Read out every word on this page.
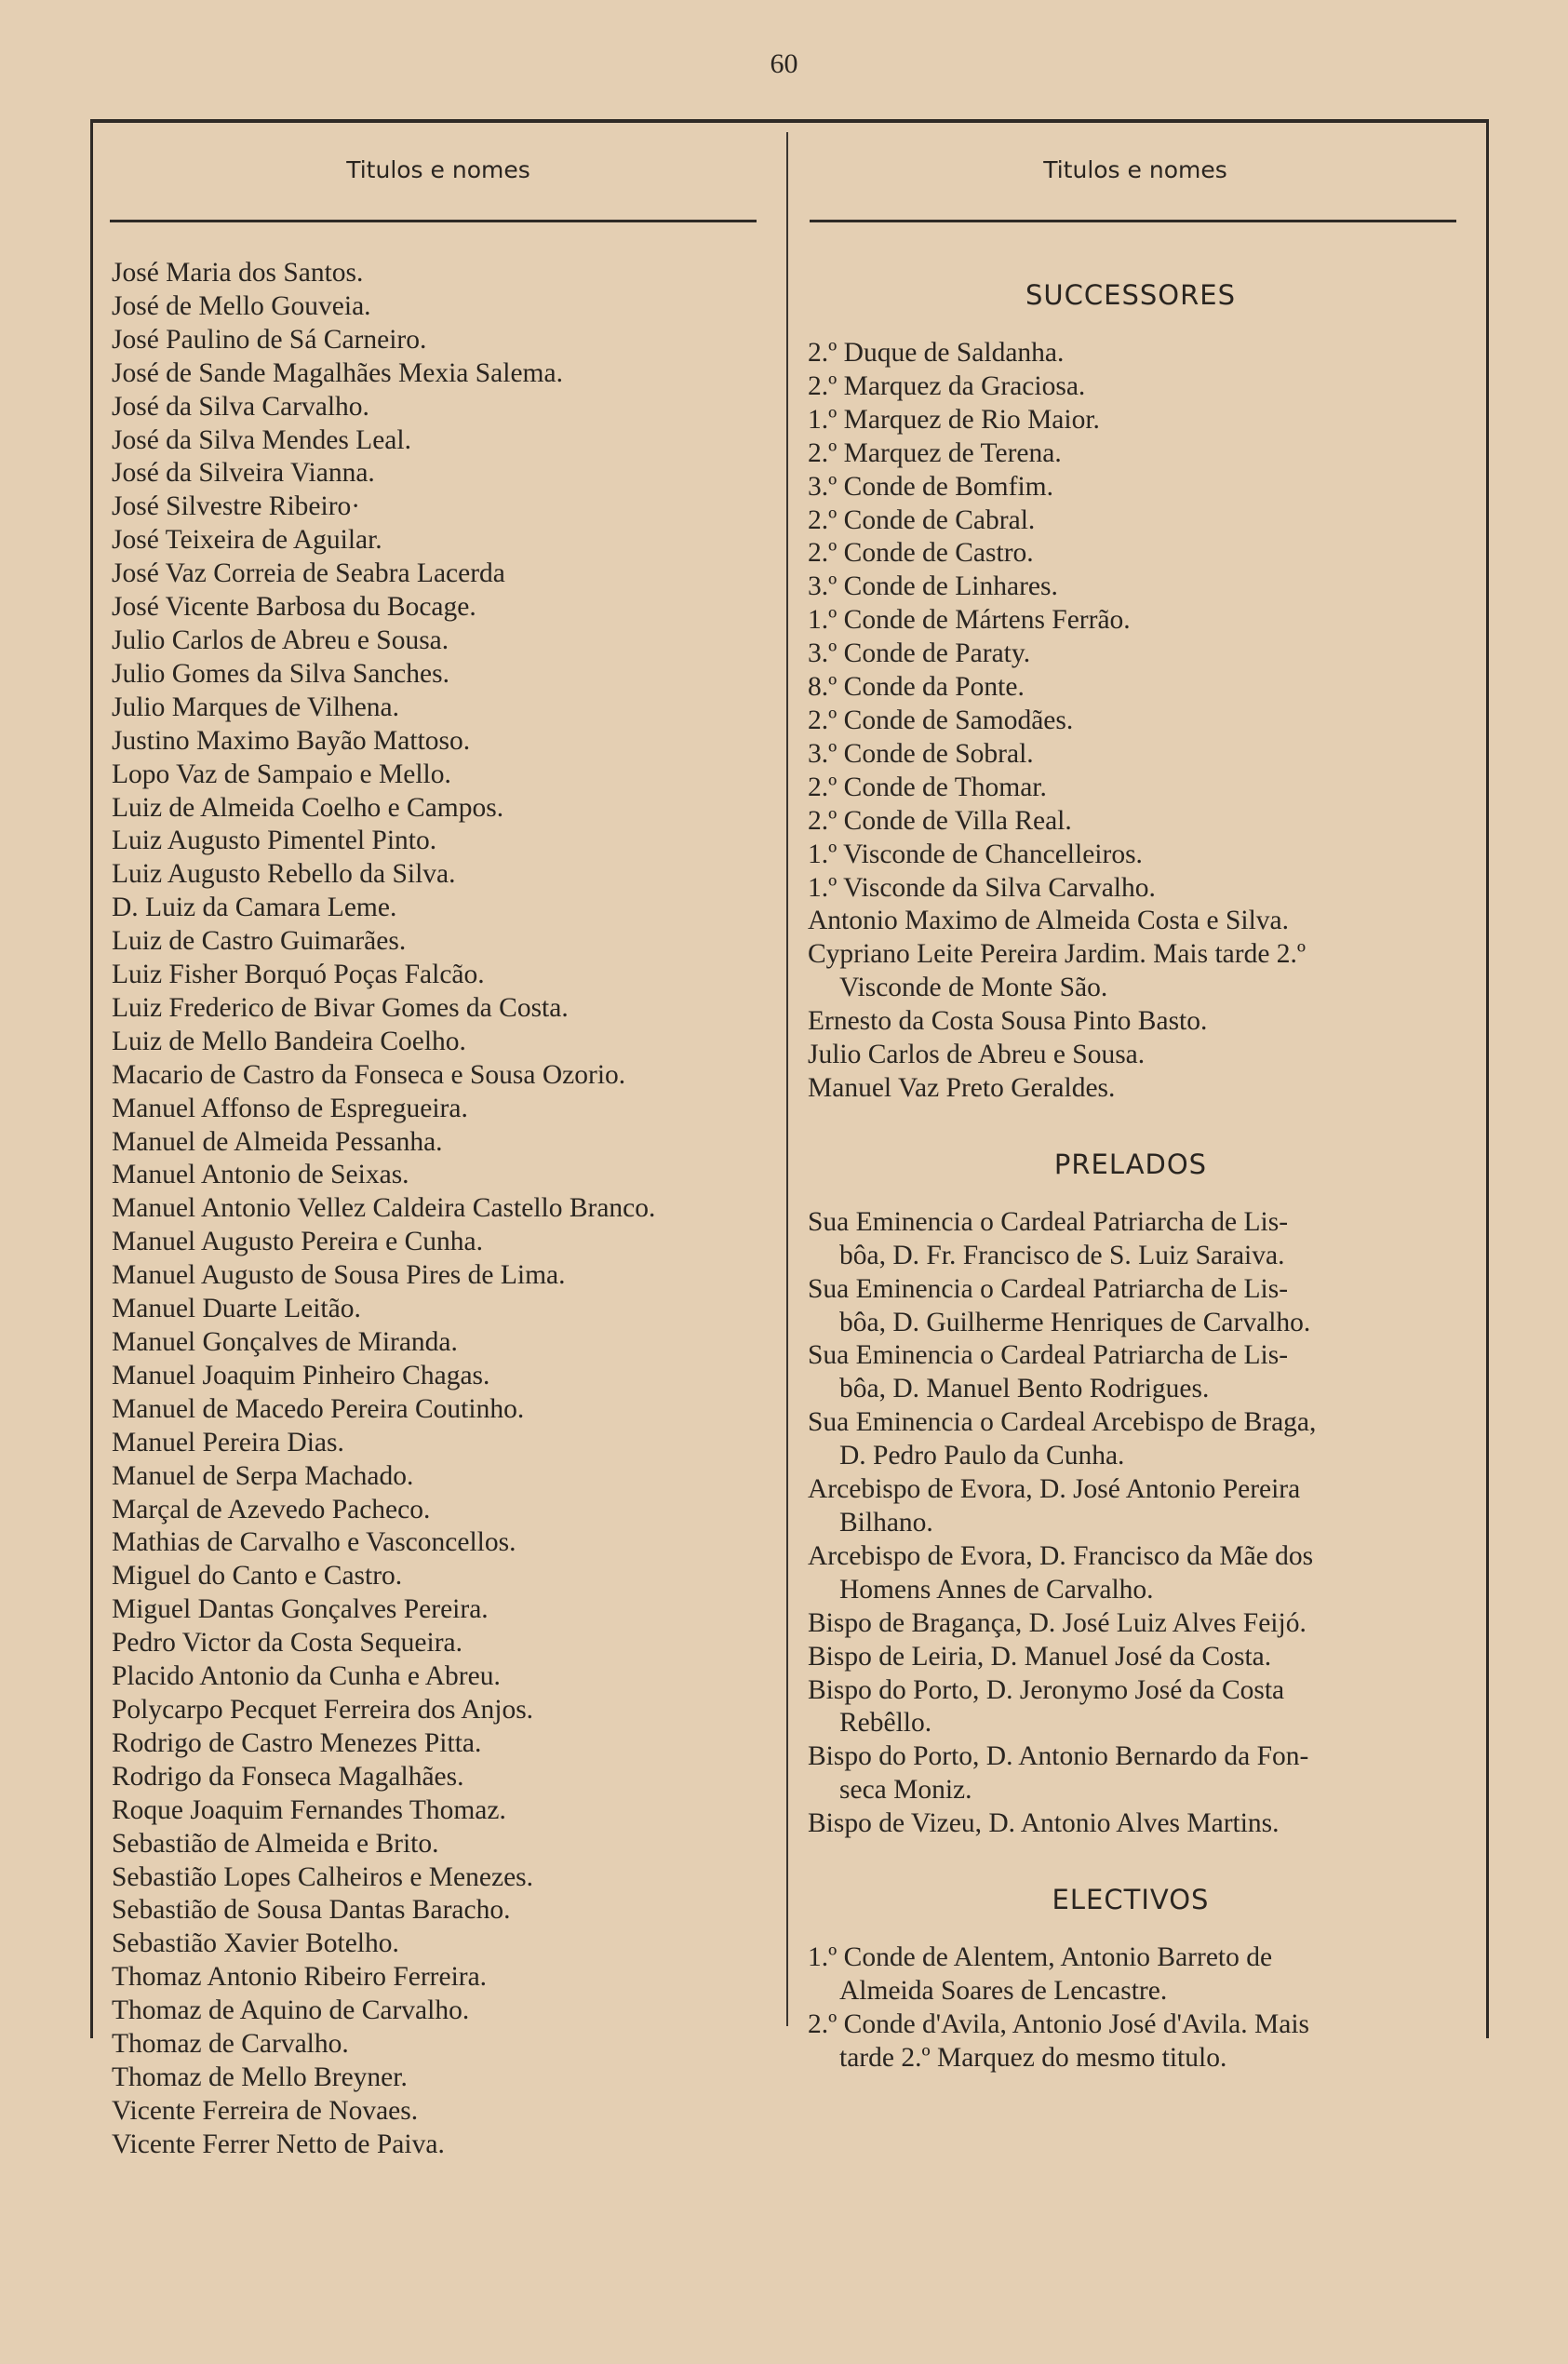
60
Titulos e nomes	Titulos e nomes
José Maria dos Santos.
José de Mello Gouveia.
José Paulino de Sá Carneiro.
José de Sande Magalhães Mexia Salema.
José da Silva Carvalho.
José da Silva Mendes Leal.
José da Silveira Vianna.
José Silvestre Ribeiro·
José Teixeira de Aguilar.
José Vaz Correia de Seabra Lacerda
José Vicente Barbosa du Bocage.
Julio Carlos de Abreu e Sousa.
Julio Gomes da Silva Sanches.
Julio Marques de Vilhena.
Justino Maximo Bayão Mattoso.
Lopo Vaz de Sampaio e Mello.
Luiz de Almeida Coelho e Campos.
Luiz Augusto Pimentel Pinto.
Luiz Augusto Rebello da Silva.
D. Luiz da Camara Leme.
Luiz de Castro Guimarães.
Luiz Fisher Borquó Poças Falcão.
Luiz Frederico de Bivar Gomes da Costa.
Luiz de Mello Bandeira Coelho.
Macario de Castro da Fonseca e Sousa Ozorio.
Manuel Affonso de Espregueira.
Manuel de Almeida Pessanha.
Manuel Antonio de Seixas.
Manuel Antonio Vellez Caldeira Castello Branco.
Manuel Augusto Pereira e Cunha.
Manuel Augusto de Sousa Pires de Lima.
Manuel Duarte Leitão.
Manuel Gonçalves de Miranda.
Manuel Joaquim Pinheiro Chagas.
Manuel de Macedo Pereira Coutinho.
Manuel Pereira Dias.
Manuel de Serpa Machado.
Marçal de Azevedo Pacheco.
Mathias de Carvalho e Vasconcellos.
Miguel do Canto e Castro.
Miguel Dantas Gonçalves Pereira.
Pedro Victor da Costa Sequeira.
Placido Antonio da Cunha e Abreu.
Polycarpo Pecquet Ferreira dos Anjos.
Rodrigo de Castro Menezes Pitta.
Rodrigo da Fonseca Magalhães.
Roque Joaquim Fernandes Thomaz.
Sebastião de Almeida e Brito.
Sebastião Lopes Calheiros e Menezes.
Sebastião de Sousa Dantas Baracho.
Sebastião Xavier Botelho.
Thomaz Antonio Ribeiro Ferreira.
Thomaz de Aquino de Carvalho.
Thomaz de Carvalho.
Thomaz de Mello Breyner.
Vicente Ferreira de Novaes.
Vicente Ferrer Netto de Paiva.
SUCCESSORES
2.º Duque de Saldanha.
2.º Marquez da Graciosa.
1.º Marquez de Rio Maior.
2.º Marquez de Terena.
3.º Conde de Bomfim.
2.º Conde de Cabral.
2.º Conde de Castro.
3.º Conde de Linhares.
1.º Conde de Mártens Ferrão.
3.º Conde de Paraty.
8.º Conde da Ponte.
2.º Conde de Samodães.
3.º Conde de Sobral.
2.º Conde de Thomar.
2.º Conde de Villa Real.
1.º Visconde de Chancelleiros.
1.º Visconde da Silva Carvalho.
Antonio Maximo de Almeida Costa e Silva.
Cypriano Leite Pereira Jardim. Mais tarde 2.º
Visconde de Monte São.
Ernesto da Costa Sousa Pinto Basto.
Julio Carlos de Abreu e Sousa.
Manuel Vaz Preto Geraldes.
PRELADOS
Sua Eminencia o Cardeal Patriarcha de Lis-
bôa, D. Fr. Francisco de S. Luiz Saraiva.
Sua Eminencia o Cardeal Patriarcha de Lis-
bôa, D. Guilherme Henriques de Carvalho.
Sua Eminencia o Cardeal Patriarcha de Lis-
bôa, D. Manuel Bento Rodrigues.
Sua Eminencia o Cardeal Arcebispo de Braga,
D. Pedro Paulo da Cunha.
Arcebispo de Evora, D. José Antonio Pereira
Bilhano.
Arcebispo de Evora, D. Francisco da Mãe dos
Homens Annes de Carvalho.
Bispo de Bragança, D. José Luiz Alves Feijó.
Bispo de Leiria, D. Manuel José da Costa.
Bispo do Porto, D. Jeronymo José da Costa
Rebêllo.
Bispo do Porto, D. Antonio Bernardo da Fon-
seca Moniz.
Bispo de Vizeu, D. Antonio Alves Martins.
ELECTIVOS
1.º Conde de Alentem, Antonio Barreto de
Almeida Soares de Lencastre.
2.º Conde d'Avila, Antonio José d'Avila. Mais
tarde 2.º Marquez do mesmo titulo.
